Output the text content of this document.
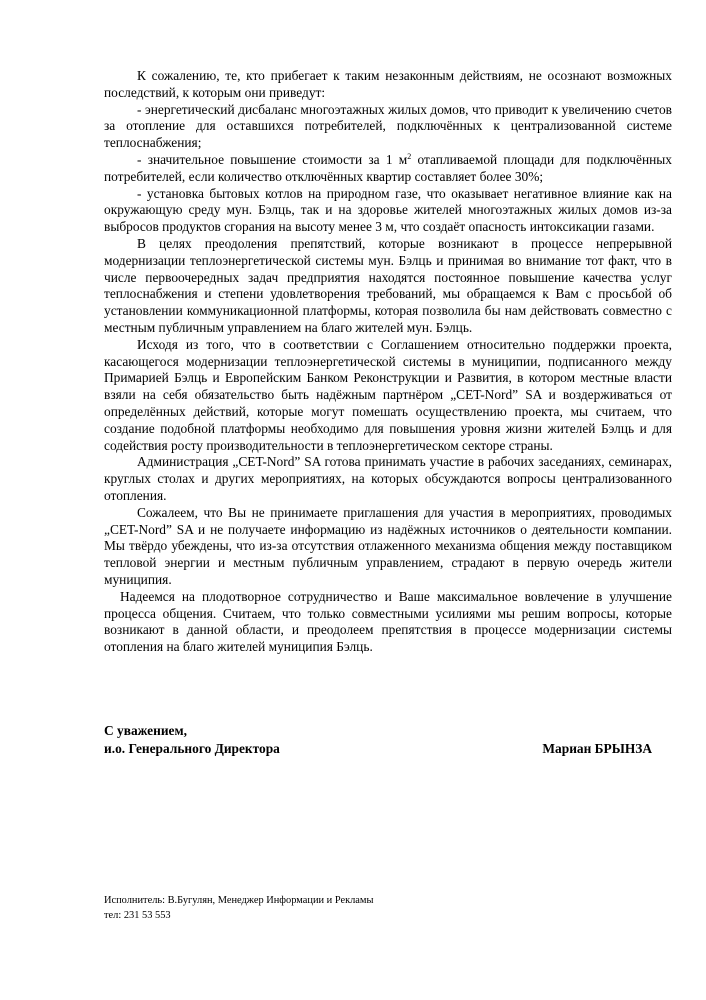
К сожалению, те, кто прибегает к таким незаконным действиям, не осознают возможных последствий, к которым они приведут:

- энергетический дисбаланс многоэтажных жилых домов, что приводит к увеличению счетов за отопление для оставшихся потребителей, подключённых к централизованной системе теплоснабжения;

- значительное повышение стоимости за 1 $м^2$ отапливаемой площади для подключённых потребителей, если количество отключённых квартир составляет более 30%;

- установка бытовых котлов на природном газе, что оказывает негативное влияние как на окружающую среду мун. Бэлць, так и на здоровье жителей многоэтажных жилых домов из-за выбросов продуктов сгорания на высоту менее 3 м, что создаёт опасность интоксикации газами.

В целях преодоления препятствий, которые возникают в процессе непрерывной модернизации теплоэнергетической системы мун. Бэлць и принимая во внимание тот факт, что в числе первоочередных задач предприятия находятся постоянное повышение качества услуг теплоснабжения и степени удовлетворения требований, мы обращаемся к Вам с просьбой об установлении коммуникационной платформы, которая позволила бы нам действовать совместно с местным публичным управлением на благо жителей мун. Бэлць.

Исходя из того, что в соответствии с Соглашением относительно поддержки проекта, касающегося модернизации теплоэнергетической системы в муниципии, подписанного между Примарией Бэлць и Европейским Банком Реконструкции и Развития, в котором местные власти взяли на себя обязательство быть надёжным партнёром „CET-Nord” SA и воздерживаться от определённых действий, которые могут помешать осуществлению проекта, мы считаем, что создание подобной платформы необходимо для повышения уровня жизни жителей Бэлць и для содействия росту производительности в теплоэнергетическом секторе страны.

Администрация „CET-Nord” SA готова принимать участие в рабочих заседаниях, семинарах, круглых столах и других мероприятиях, на которых обсуждаются вопросы централизованного отопления.

Сожалеем, что Вы не принимаете приглашения для участия в мероприятиях, проводимых „CET-Nord” SA и не получаете информацию из надёжных источников о деятельности компании. Мы твёрдо убеждены, что из-за отсутствия отлаженного механизма общения между поставщиком тепловой энергии и местным публичным управлением, страдают в первую очередь жители муниципия.

Надеемся на плодотворное сотрудничество и Ваше максимальное вовлечение в улучшение процесса общения. Считаем, что только совместными усилиями мы решим вопросы, которые возникают в данной области, и преодолеем препятствия в процессе модернизации системы отопления на благо жителей муниципия Бэлць.

С уважением,
и.о. Генерального Директора	Мариан БРЫНЗА
Исполнитель: В.Бугулян, Менеджер Информации и Рекламы
тел: 231 53 553
